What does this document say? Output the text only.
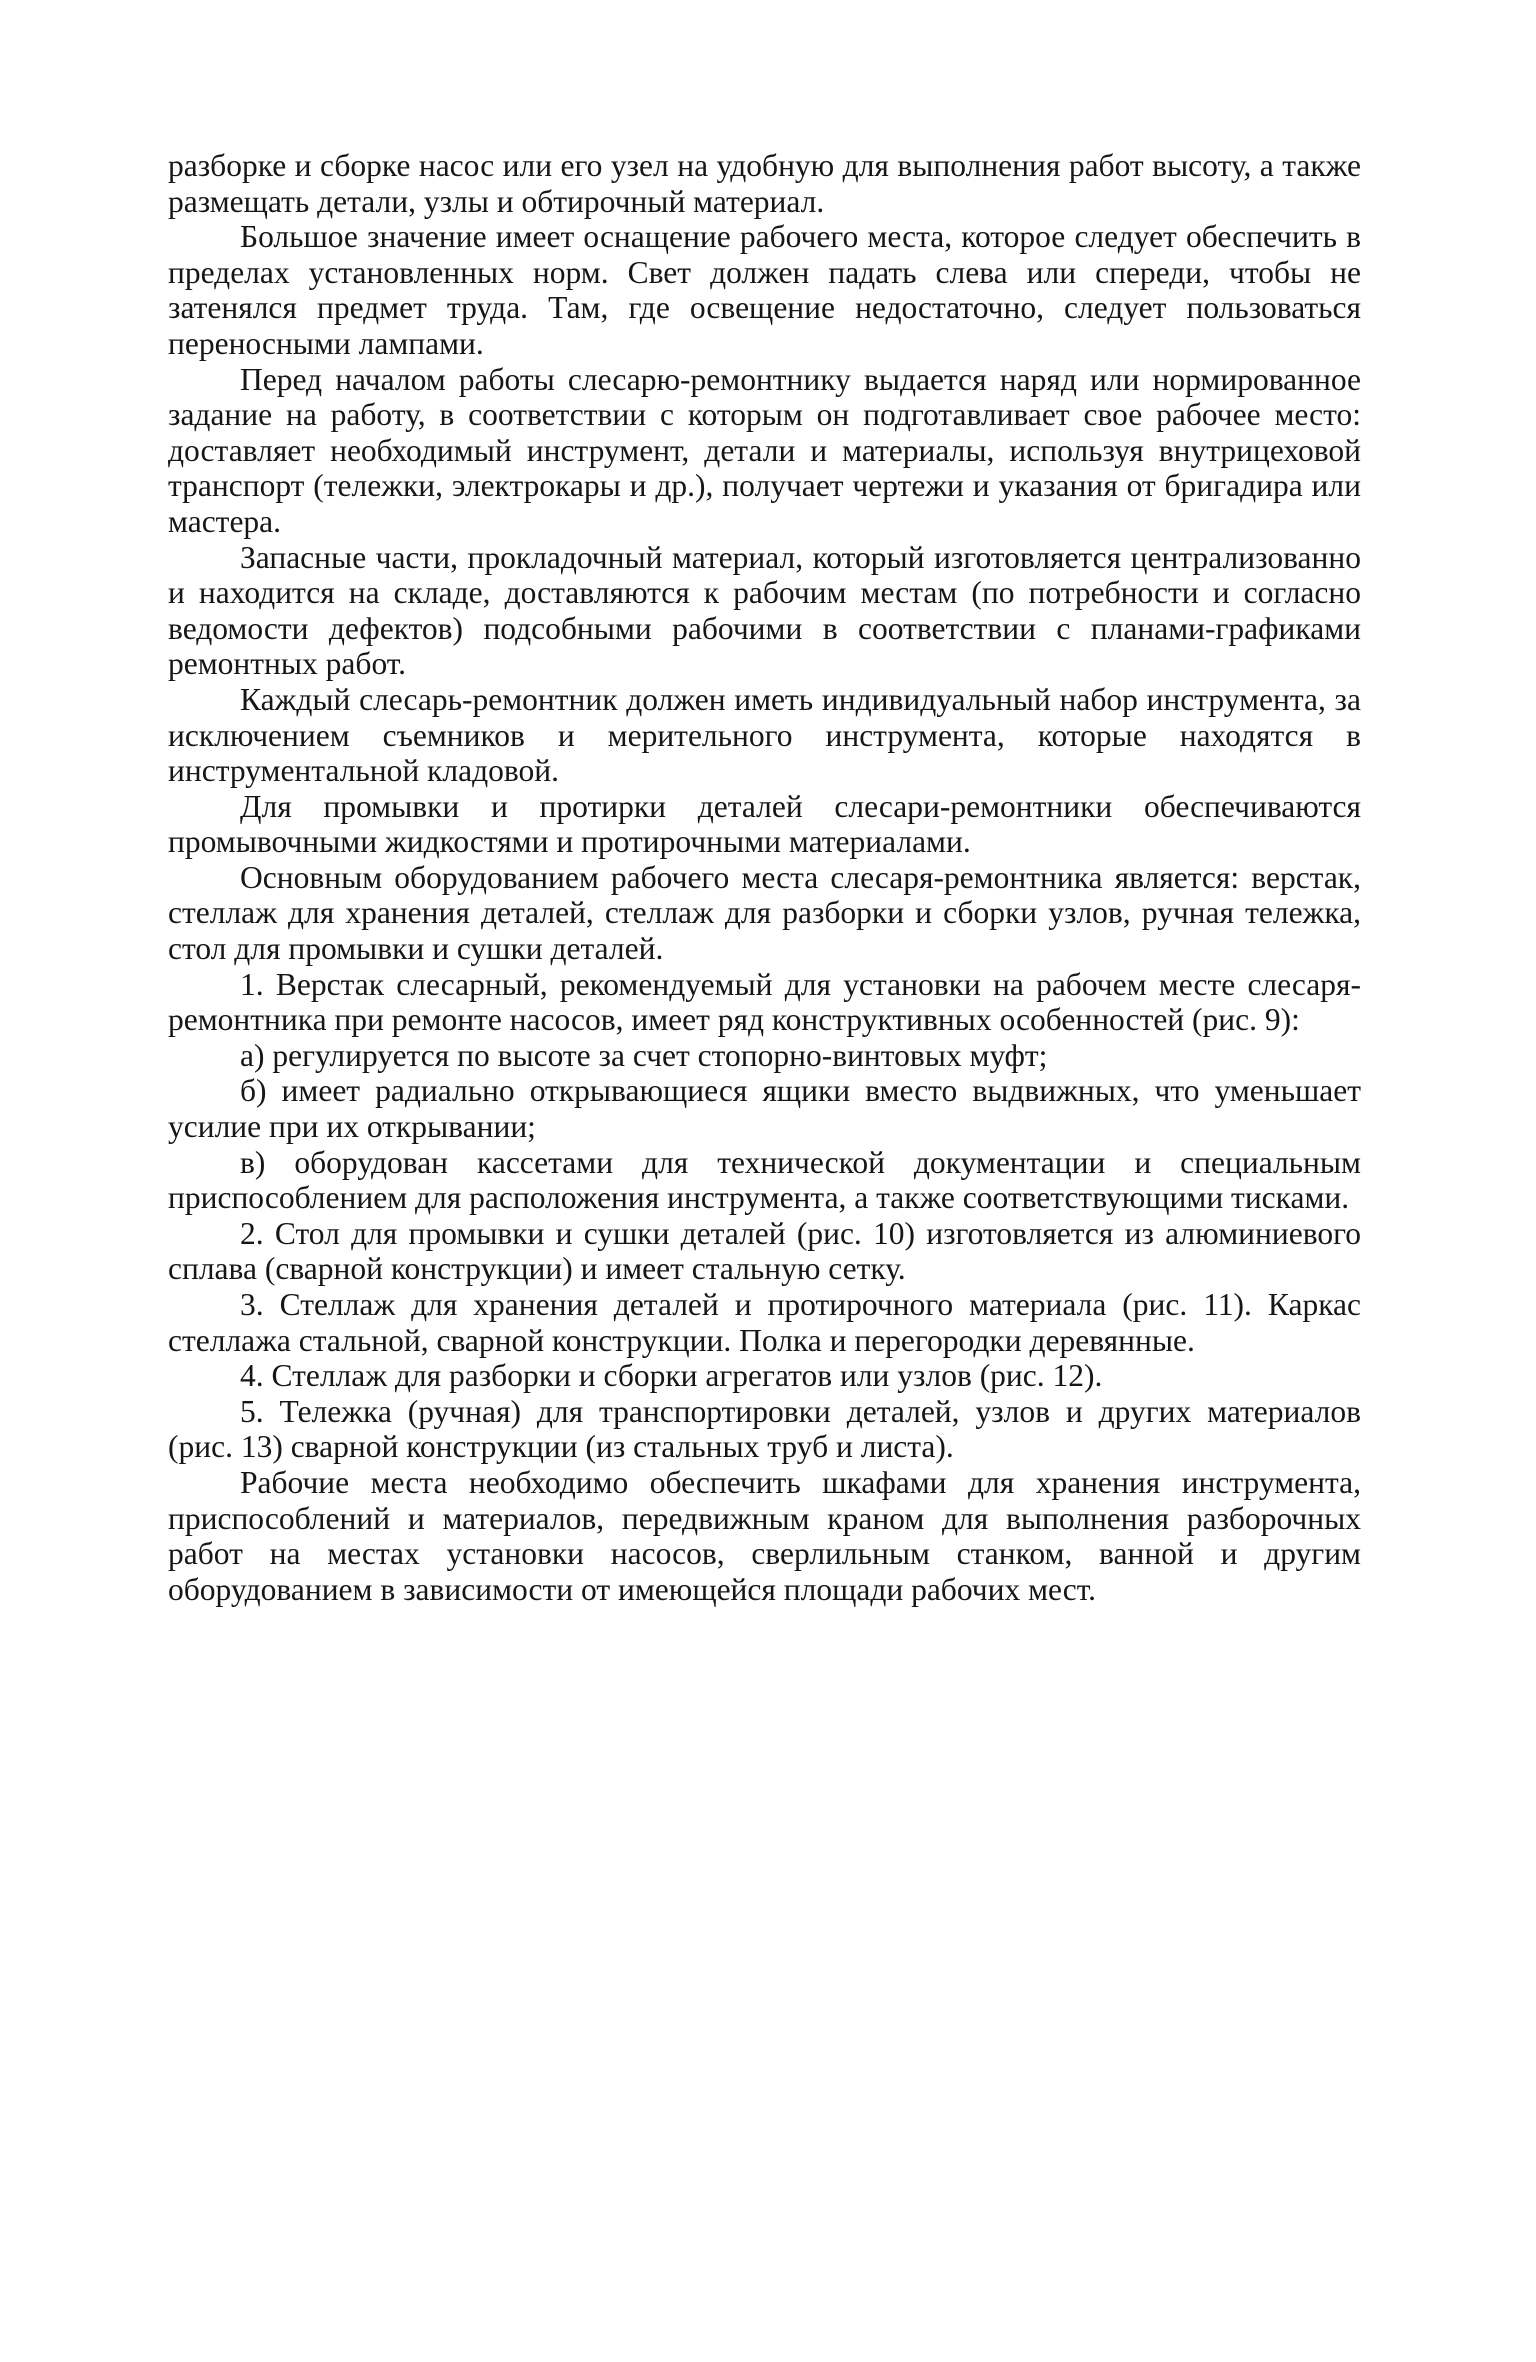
разборке и сборке насос или его узел на удобную для выполнения работ высоту, а также размещать детали, узлы и обтирочный материал.

Большое значение имеет оснащение рабочего места, которое следует обеспечить в пределах установленных норм. Свет должен падать слева или спереди, чтобы не затенялся предмет труда. Там, где освещение недостаточно, следует пользоваться переносными лампами.

Перед началом работы слесарю-ремонтнику выдается наряд или нормированное задание на работу, в соответствии с которым он подготавливает свое рабочее место: доставляет необходимый инструмент, детали и материалы, используя внутрицеховой транспорт (тележки, электрокары и др.), получает чертежи и указания от бригадира или мастера.

Запасные части, прокладочный материал, который изготовляется централизованно и находится на складе, доставляются к рабочим местам (по потребности и согласно ведомости дефектов) подсобными рабочими в соответствии с планами-графиками ремонтных работ.

Каждый слесарь-ремонтник должен иметь индивидуальный набор инструмента, за исключением съемников и мерительного инструмента, которые находятся в инструментальной кладовой.

Для промывки и протирки деталей слесари-ремонтники обеспечиваются промывочными жидкостями и протирочными материалами.

Основным оборудованием рабочего места слесаря-ремонтника является: верстак, стеллаж для хранения деталей, стеллаж для разборки и сборки узлов, ручная тележка, стол для промывки и сушки деталей.

1. Верстак слесарный, рекомендуемый для установки на рабочем месте слесаря-ремонтника при ремонте насосов, имеет ряд конструктивных особенностей (рис. 9):

а) регулируется по высоте за счет стопорно-винтовых муфт;

б) имеет радиально открывающиеся ящики вместо выдвижных, что уменьшает усилие при их открывании;

в) оборудован кассетами для технической документации и специальным приспособлением для расположения инструмента, а также соответствующими тисками.

2. Стол для промывки и сушки деталей (рис. 10) изготовляется из алюминиевого сплава (сварной конструкции) и имеет стальную сетку.

3. Стеллаж для хранения деталей и протирочного материала (рис. 11). Каркас стеллажа стальной, сварной конструкции. Полка и перегородки деревянные.

4. Стеллаж для разборки и сборки агрегатов или узлов (рис. 12).

5. Тележка (ручная) для транспортировки деталей, узлов и других материалов (рис. 13) сварной конструкции (из стальных труб и листа).

Рабочие места необходимо обеспечить шкафами для хранения инструмента, приспособлений и материалов, передвижным краном для выполнения разборочных работ на местах установки насосов, сверлильным станком, ванной и другим оборудованием в зависимости от имеющейся площади рабочих мест.
